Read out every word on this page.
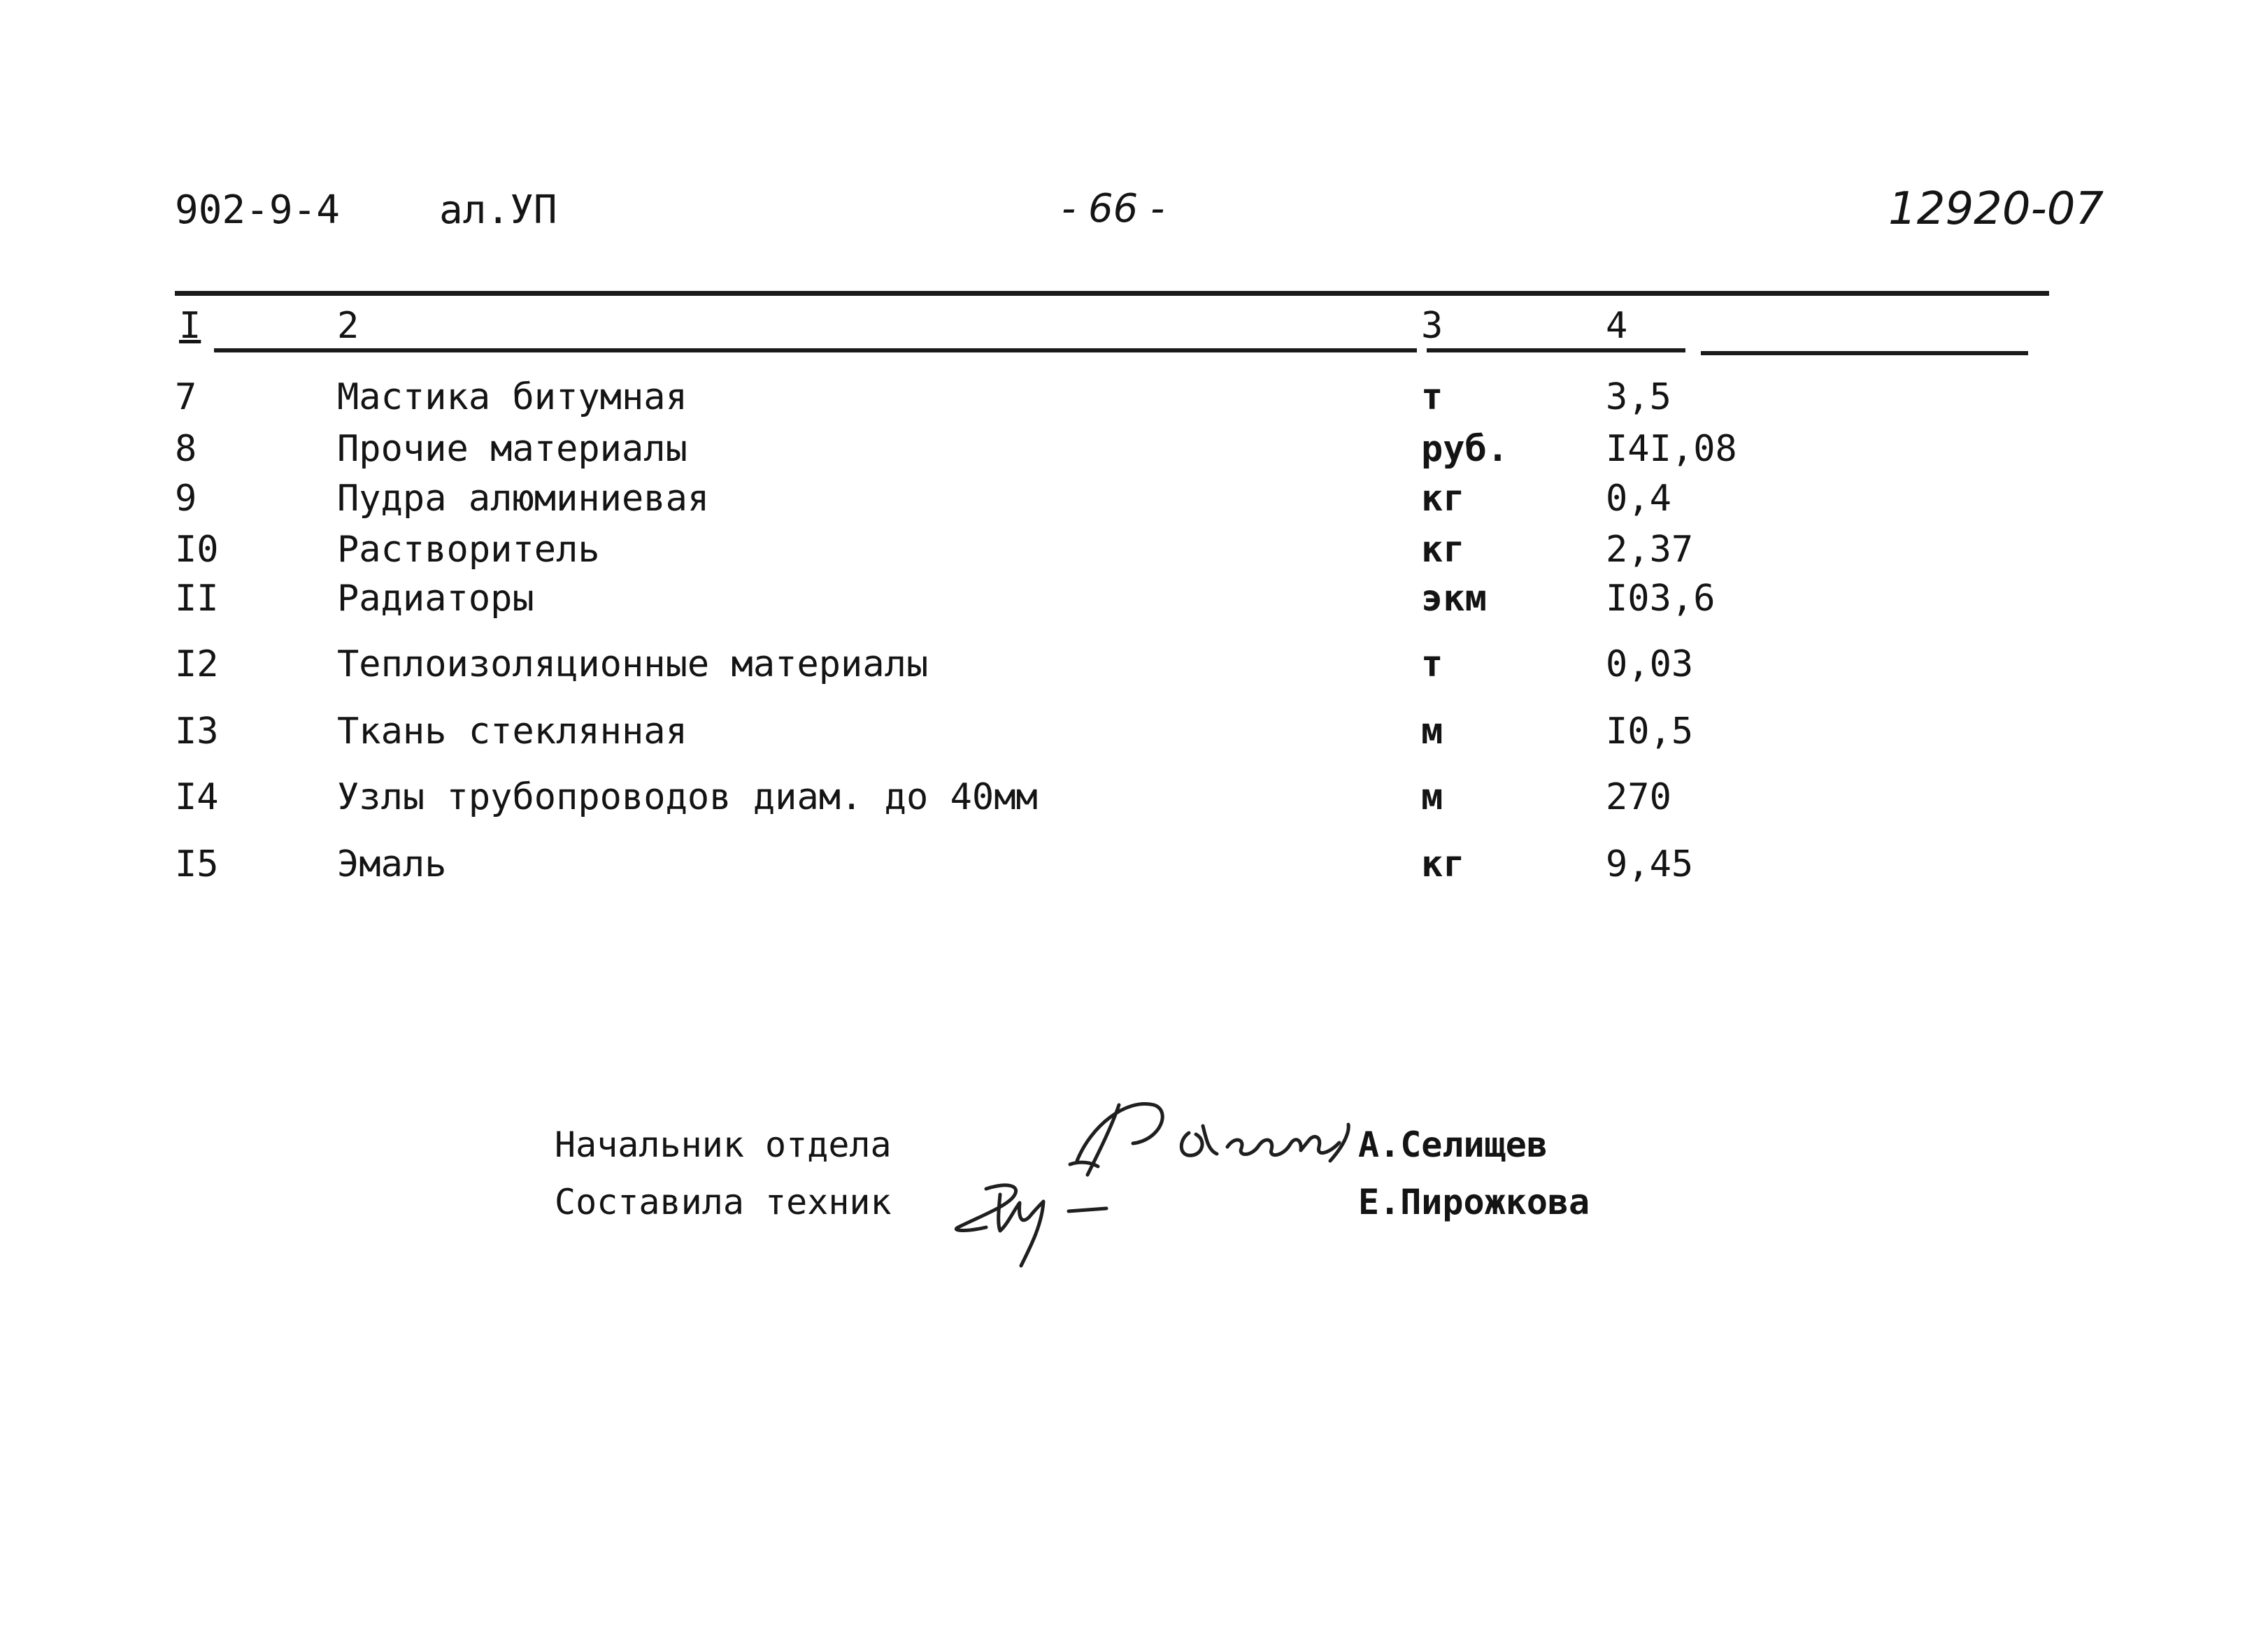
902-9-4	ал.УП	- 66 -	12920-07
I	2	3	4
7	Мастика битумная	т	3,5
8	Прочие материалы	руб.	I4I,08
9	Пудра алюминиевая	кг	0,4
I0	Растворитель	кг	2,37
II	Радиаторы	экм	I03,6
I2	Теплоизоляционные материалы	т	0,03
I3	Ткань стеклянная	м	I0,5
I4	Узлы трубопроводов диам. до 40мм	м	270
I5	Эмаль	кг	9,45
Начальник отдела
Составила техник
А.Селищев
Е.Пирожкова
